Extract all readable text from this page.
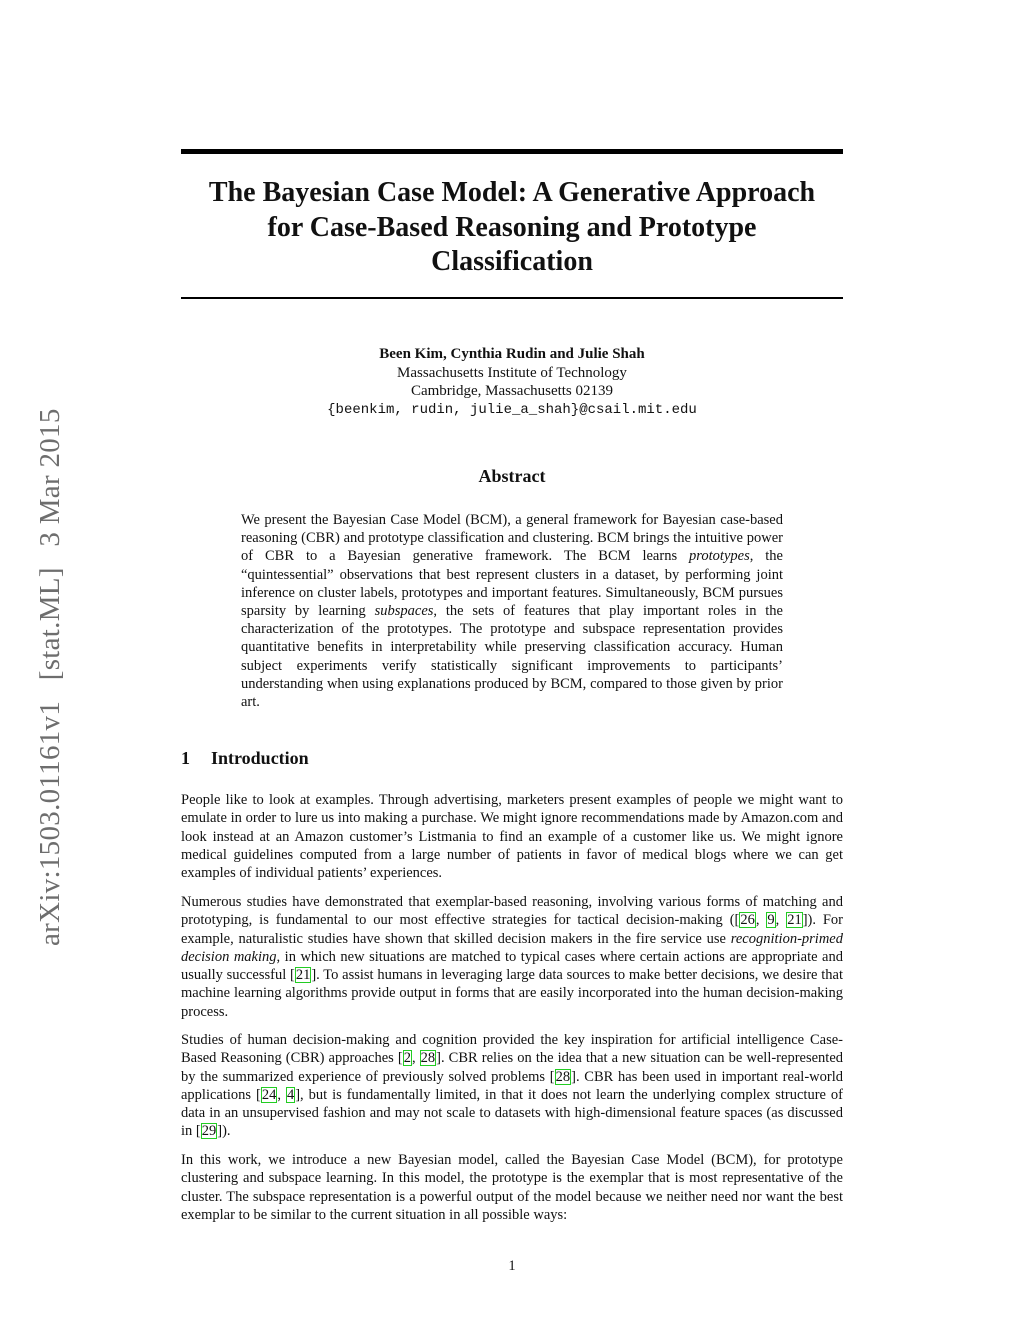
arXiv:1503.01161v1 [stat.ML] 3 Mar 2015
The Bayesian Case Model: A Generative Approach
for Case-Based Reasoning and Prototype
Classification
Been Kim, Cynthia Rudin and Julie Shah
Massachusetts Institute of Technology
Cambridge, Massachusetts 02139
{beenkim, rudin, julie_a_shah}@csail.mit.edu
Abstract

We present the Bayesian Case Model (BCM), a general framework for Bayesian case-based reasoning (CBR) and prototype classification and clustering. BCM brings the intuitive power of CBR to a Bayesian generative framework. The BCM learns prototypes, the “quintessential” observations that best represent clusters in a dataset, by performing joint inference on cluster labels, prototypes and important features. Simultaneously, BCM pursues sparsity by learning subspaces, the sets of features that play important roles in the characterization of the prototypes. The prototype and subspace representation provides quantitative benefits in interpretability while preserving classification accuracy. Human subject experiments verify statistically significant improvements to participants’ understanding when using explanations produced by BCM, compared to those given by prior art.

1 Introduction

People like to look at examples. Through advertising, marketers present examples of people we might want to emulate in order to lure us into making a purchase. We might ignore recommendations made by Amazon.com and look instead at an Amazon customer’s Listmania to find an example of a customer like us. We might ignore medical guidelines computed from a large number of patients in favor of medical blogs where we can get examples of individual patients’ experiences.

Numerous studies have demonstrated that exemplar-based reasoning, involving various forms of matching and prototyping, is fundamental to our most effective strategies for tactical decision-making ([26, 9, 21]). For example, naturalistic studies have shown that skilled decision makers in the fire service use recognition-primed decision making, in which new situations are matched to typical cases where certain actions are appropriate and usually successful [21]. To assist humans in leveraging large data sources to make better decisions, we desire that machine learning algorithms provide output in forms that are easily incorporated into the human decision-making process.

Studies of human decision-making and cognition provided the key inspiration for artificial intelligence Case-Based Reasoning (CBR) approaches [2, 28]. CBR relies on the idea that a new situation can be well-represented by the summarized experience of previously solved problems [28]. CBR has been used in important real-world applications [24, 4], but is fundamentally limited, in that it does not learn the underlying complex structure of data in an unsupervised fashion and may not scale to datasets with high-dimensional feature spaces (as discussed in [29]).

In this work, we introduce a new Bayesian model, called the Bayesian Case Model (BCM), for prototype clustering and subspace learning. In this model, the prototype is the exemplar that is most representative of the cluster. The subspace representation is a powerful output of the model because we neither need nor want the best exemplar to be similar to the current situation in all possible ways:

1
